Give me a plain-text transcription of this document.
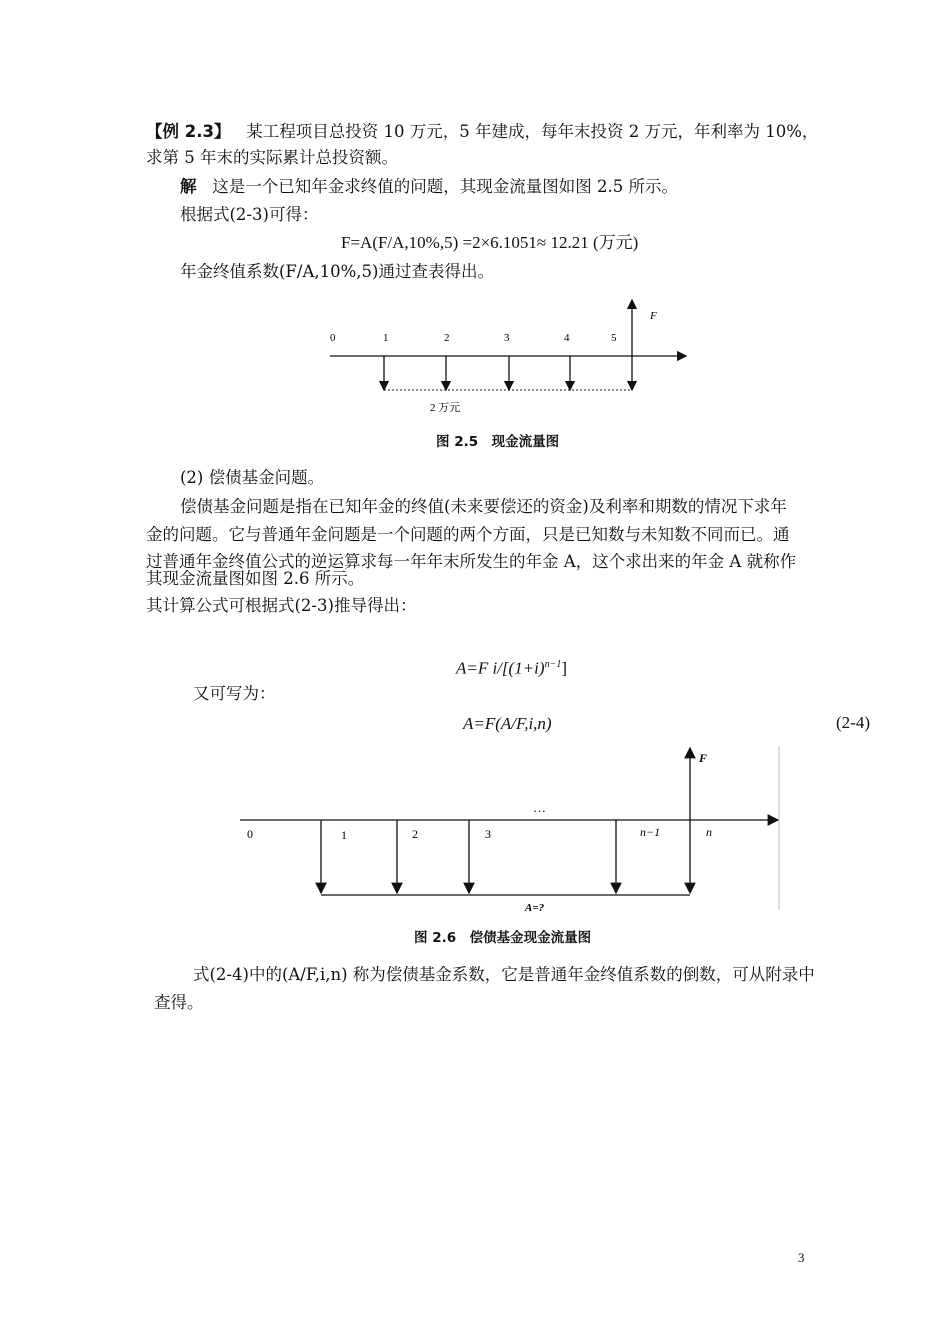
【例 2.3】 某工程项目总投资 10 万元，5 年建成，每年末投资 2 万元，年利率为 10%，
求第 5 年末的实际累计总投资额。
解 这是一个已知年金求终值的问题，其现金流量图如图 2.5 所示。
根据式(2-3)可得：
F=A(F/A,10%,5) =2×6.1051≈ 12.21 (万元)
年金终值系数(F/A,10%,5)通过查表得出。
F
0	1	2	3	4	5
2 万元
图 2.5　现金流量图
(2) 偿债基金问题。
偿债基金问题是指在已知年金的终值(未来要偿还的资金)及利率和期数的情况下求年
金的问题。它与普通年金问题是一个问题的两个方面，只是已知数与未知数不同而已。通
过普通年金终值公式的逆运算求每一年年末所发生的年金 A，这个求出来的年金 A 就称作
其现金流量图如图 2.6 所示。
其计算公式可根据式(2-3)推导得出：
A=F $i/[(1+i)^{n-1}]$
又可写为：
A=F(A/F,i,n)	(2-4)
F
…
0	1	2	3	n−1	n
A=?
图 2.6　偿债基金现金流量图
式(2-4)中的(A/F,i,n) 称为偿债基金系数，它是普通年金终值系数的倒数，可从附录中
查得。
3
